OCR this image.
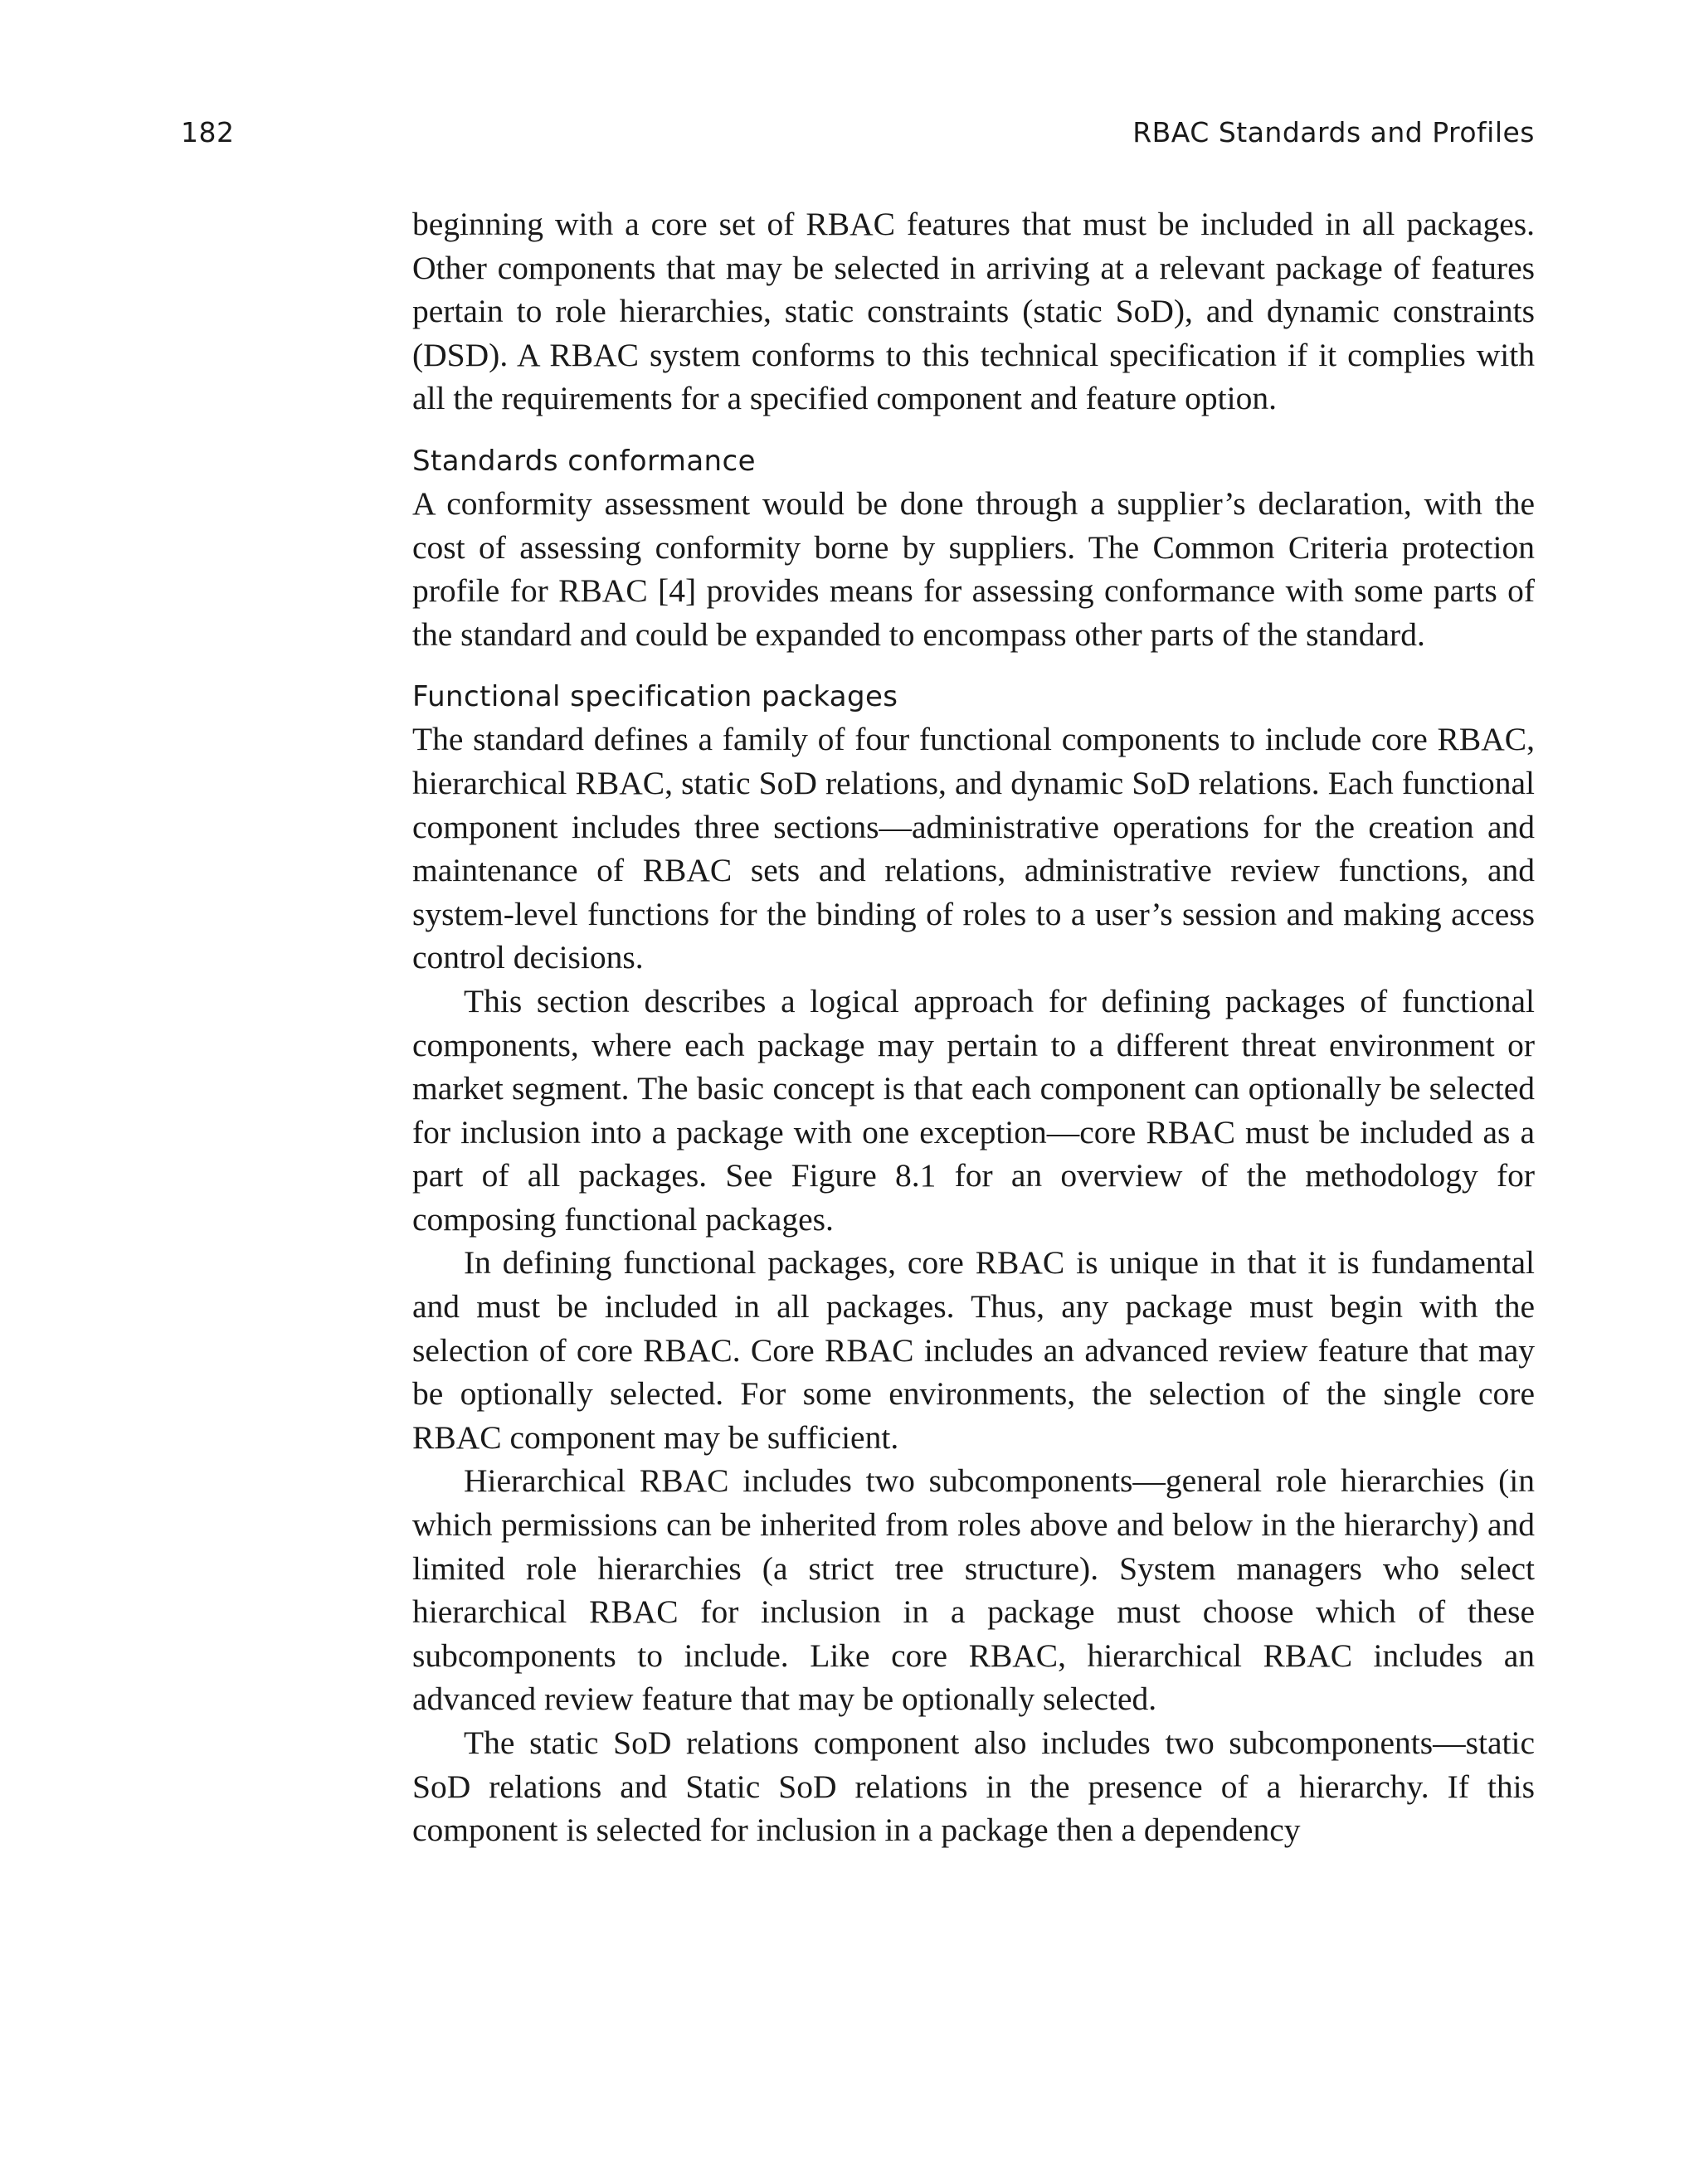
182	RBAC Standards and Profiles

beginning with a core set of RBAC features that must be included in all packages. Other components that may be selected in arriving at a relevant package of features pertain to role hierarchies, static constraints (static SoD), and dynamic constraints (DSD). A RBAC system conforms to this technical specification if it complies with all the requirements for a specified component and feature option.

Standards conformance

A conformity assessment would be done through a supplier’s declaration, with the cost of assessing conformity borne by suppliers. The Common Criteria protection profile for RBAC [4] provides means for assessing conformance with some parts of the standard and could be expanded to encompass other parts of the standard.

Functional specification packages

The standard defines a family of four functional components to include core RBAC, hierarchical RBAC, static SoD relations, and dynamic SoD relations. Each functional component includes three sections—administrative operations for the creation and maintenance of RBAC sets and relations, administrative review functions, and system-level functions for the binding of roles to a user’s session and making access control decisions.

This section describes a logical approach for defining packages of functional components, where each package may pertain to a different threat environment or market segment. The basic concept is that each component can optionally be selected for inclusion into a package with one exception—core RBAC must be included as a part of all packages. See Figure 8.1 for an overview of the methodology for composing functional packages.

In defining functional packages, core RBAC is unique in that it is fundamental and must be included in all packages. Thus, any package must begin with the selection of core RBAC. Core RBAC includes an advanced review feature that may be optionally selected. For some environments, the selection of the single core RBAC component may be sufficient.

Hierarchical RBAC includes two subcomponents—general role hierarchies (in which permissions can be inherited from roles above and below in the hierarchy) and limited role hierarchies (a strict tree structure). System managers who select hierarchical RBAC for inclusion in a package must choose which of these subcomponents to include. Like core RBAC, hierarchical RBAC includes an advanced review feature that may be optionally selected.

The static SoD relations component also includes two subcomponents—static SoD relations and Static SoD relations in the presence of a hierarchy. If this component is selected for inclusion in a package then a dependency
